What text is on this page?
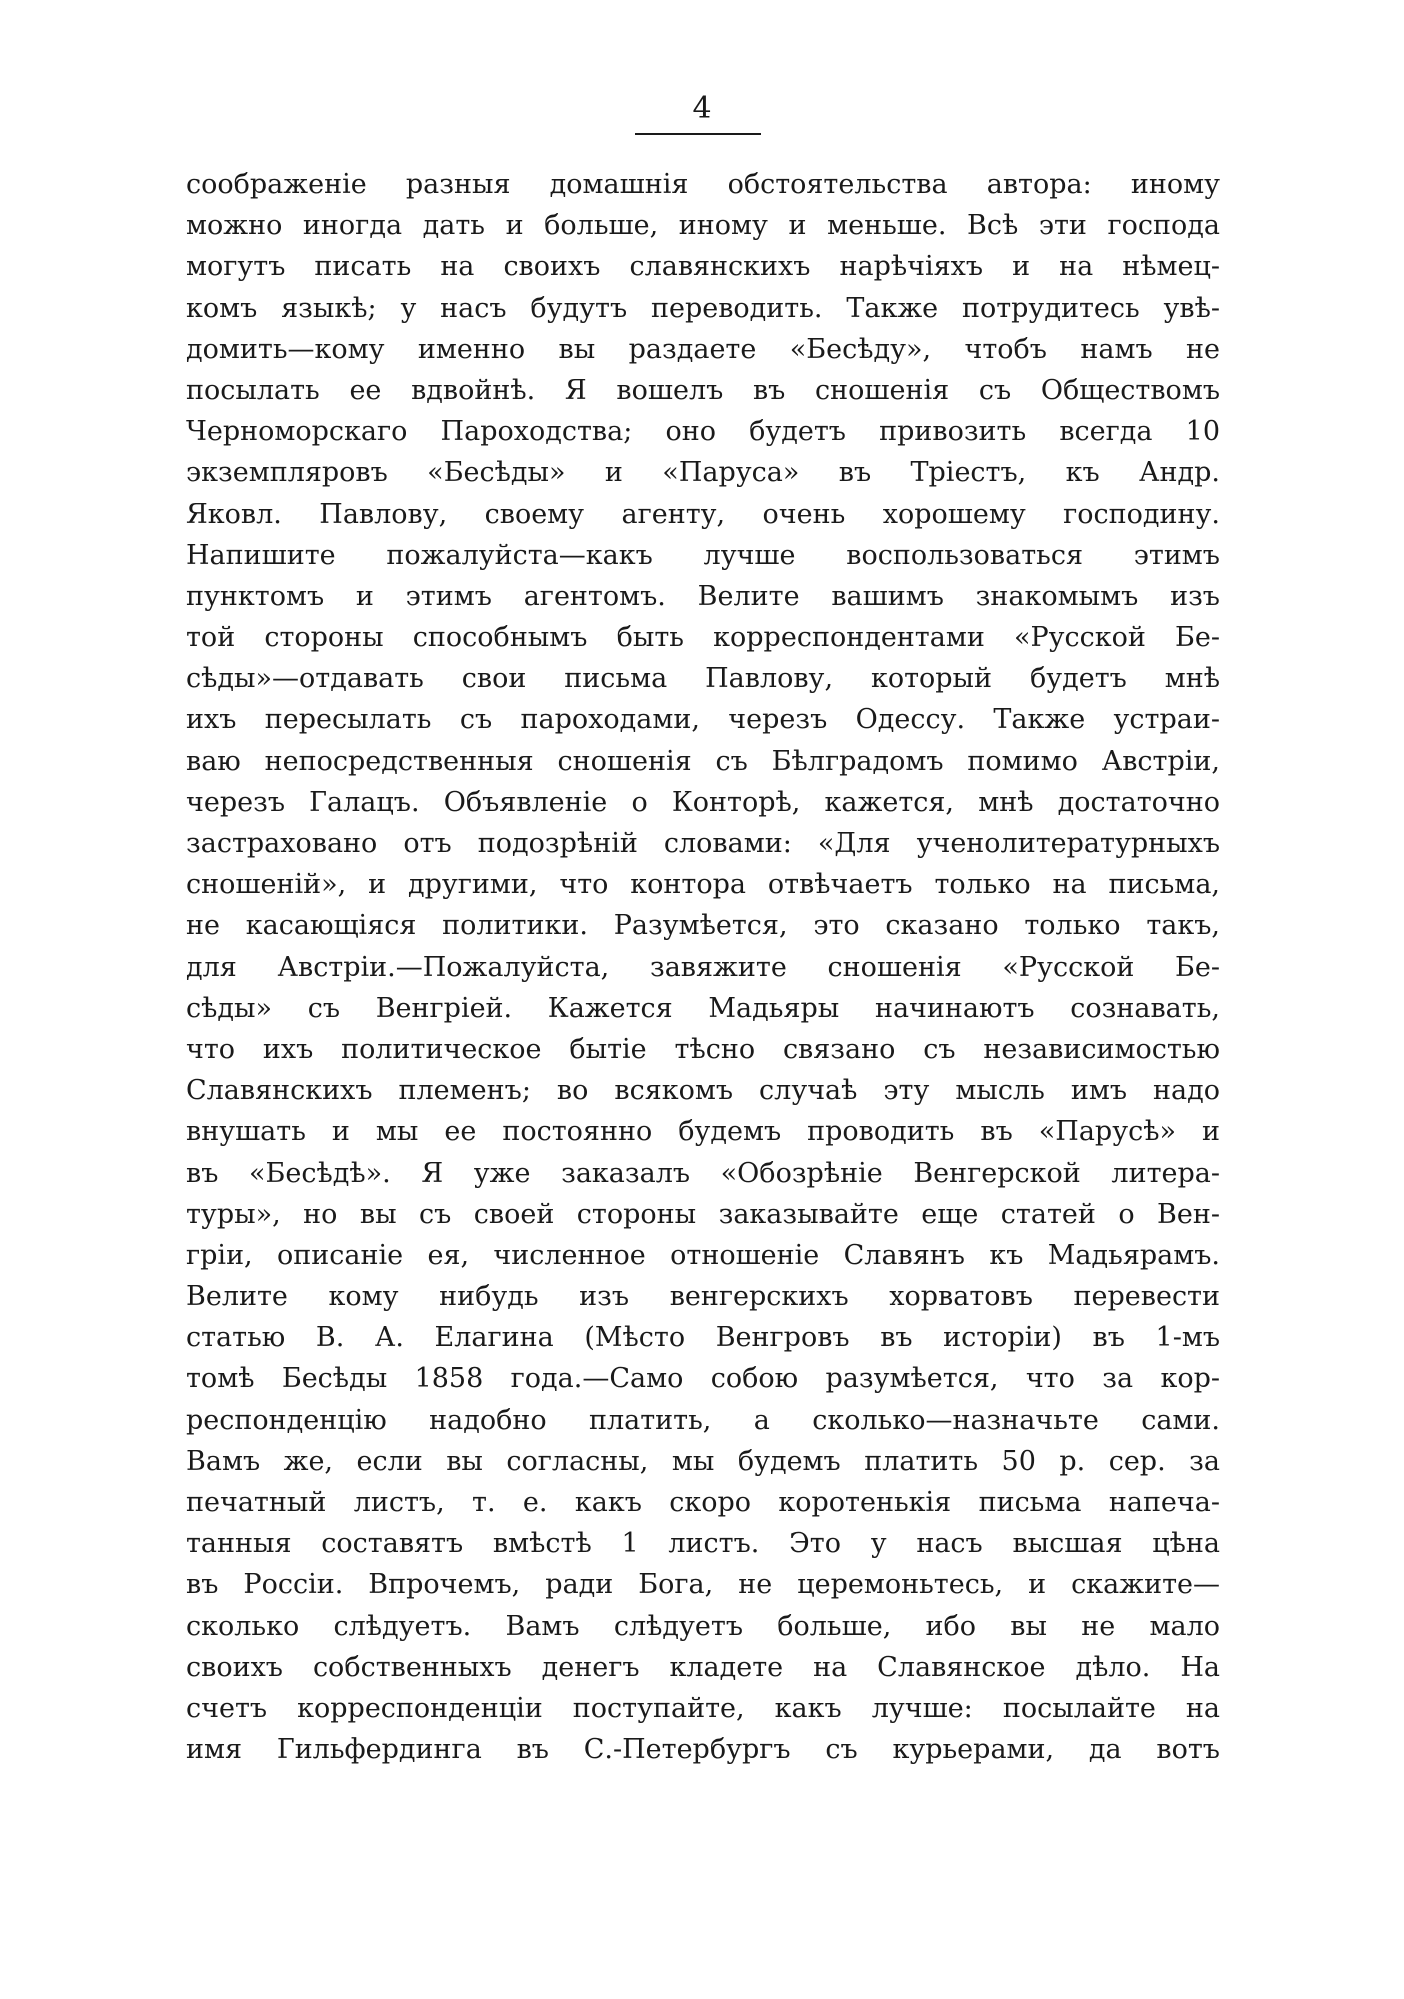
4
соображеніе разныя домашнія обстоятельства автора: иному
можно иногда дать и больше, иному и меньше. Всѣ эти господа
могутъ писать на своихъ славянскихъ нарѣчіяхъ и на нѣмец-
комъ языкѣ; у насъ будутъ переводить. Также потрудитесь увѣ-
домить—кому именно вы раздаете «Бесѣду», чтобъ намъ не
посылать ее вдвойнѣ. Я вошелъ въ сношенія съ Обществомъ
Черноморскаго Пароходства; оно будетъ привозить всегда 10
экземпляровъ «Бесѣды» и «Паруса» въ Тріестъ, къ Андр.
Яковл. Павлову, своему агенту, очень хорошему господину.
Напишите пожалуйста—какъ лучше воспользоваться этимъ
пунктомъ и этимъ агентомъ. Велите вашимъ знакомымъ изъ
той стороны способнымъ быть корреспондентами «Русской Бе-
сѣды»—отдавать свои письма Павлову, который будетъ мнѣ
ихъ пересылать съ пароходами, черезъ Одессу. Также устраи-
ваю непосредственныя сношенія съ Бѣлградомъ помимо Австріи,
черезъ Галацъ. Объявленіе о Конторѣ, кажется, мнѣ достаточно
застраховано отъ подозрѣній словами: «Для ученолитературныхъ
сношеній», и другими, что контора отвѣчаетъ только на письма,
не касающіяся политики. Разумѣется, это сказано только такъ,
для Австріи.—Пожалуйста, завяжите сношенія «Русской Бе-
сѣды» съ Венгріей. Кажется Мадьяры начинаютъ сознавать,
что ихъ политическое бытіе тѣсно связано съ независимостью
Славянскихъ племенъ; во всякомъ случаѣ эту мысль имъ надо
внушать и мы ее постоянно будемъ проводить въ «Парусѣ» и
въ «Бесѣдѣ». Я уже заказалъ «Обозрѣніе Венгерской литера-
туры», но вы съ своей стороны заказывайте еще статей о Вен-
гріи, описаніе ея, численное отношеніе Славянъ къ Мадьярамъ.
Велите кому нибудь изъ венгерскихъ хорватовъ перевести
статью В. А. Елагина (Мѣсто Венгровъ въ исторіи) въ 1-мъ
томѣ Бесѣды 1858 года.—Само собою разумѣется, что за кор-
респонденцію надобно платить, а сколько—назначьте сами.
Вамъ же, если вы согласны, мы будемъ платить 50 р. сер. за
печатный листъ, т. е. какъ скоро коротенькія письма напеча-
танныя составятъ вмѣстѣ 1 листъ. Это у насъ высшая цѣна
въ Россіи. Впрочемъ, ради Бога, не церемоньтесь, и скажите—
сколько слѣдуетъ. Вамъ слѣдуетъ больше, ибо вы не мало
своихъ собственныхъ денегъ кладете на Славянское дѣло. На
счетъ корреспонденціи поступайте, какъ лучше: посылайте на
имя Гильфердинга въ С.-Петербургъ съ курьерами, да вотъ
